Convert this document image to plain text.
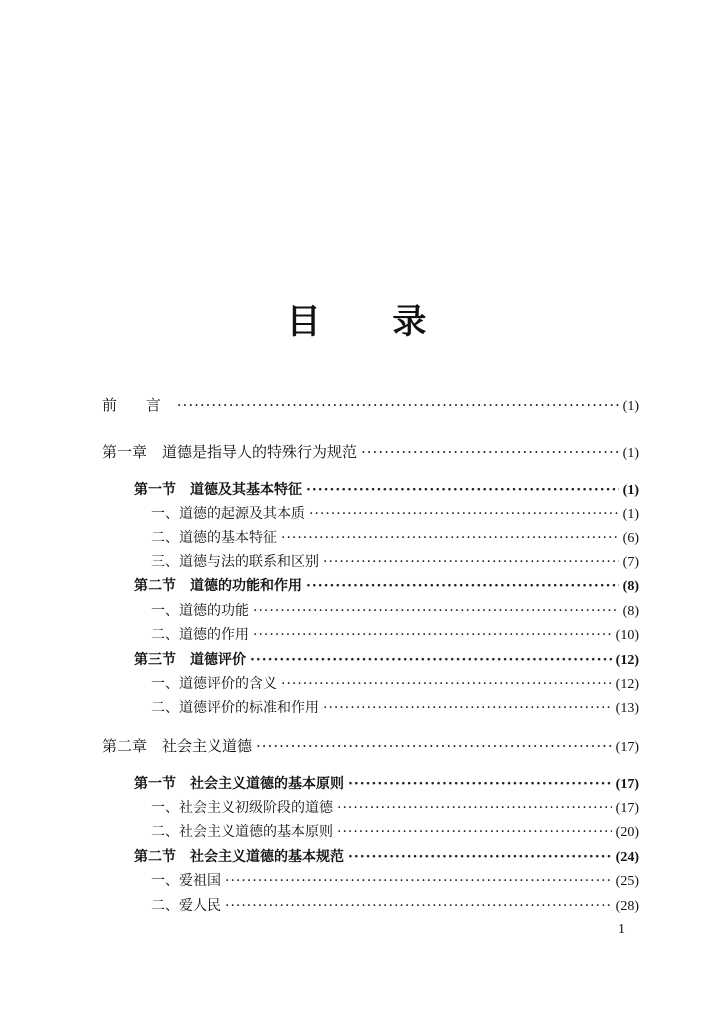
目 录
前 言 ·····	(1)
第一章　道德是指导人的特殊行为规范 ·····	(1)
第一节　道德及其基本特征 ·····	(1)
一、道德的起源及其本质 ·····	(1)
二、道德的基本特征 ·····	(6)
三、道德与法的联系和区别 ·····	(7)
第二节　道德的功能和作用 ·····	(8)
一、道德的功能 ·····	(8)
二、道德的作用 ·····	(10)
第三节　道德评价 ·····	(12)
一、道德评价的含义 ·····	(12)
二、道德评价的标准和作用 ·····	(13)
第二章　社会主义道德 ·····	(17)
第一节　社会主义道德的基本原则 ·····	(17)
一、社会主义初级阶段的道德 ·····	(17)
二、社会主义道德的基本原则 ·····	(20)
第二节　社会主义道德的基本规范 ·····	(24)
一、爱祖国 ·····	(25)
二、爱人民 ·····	(28)
1
